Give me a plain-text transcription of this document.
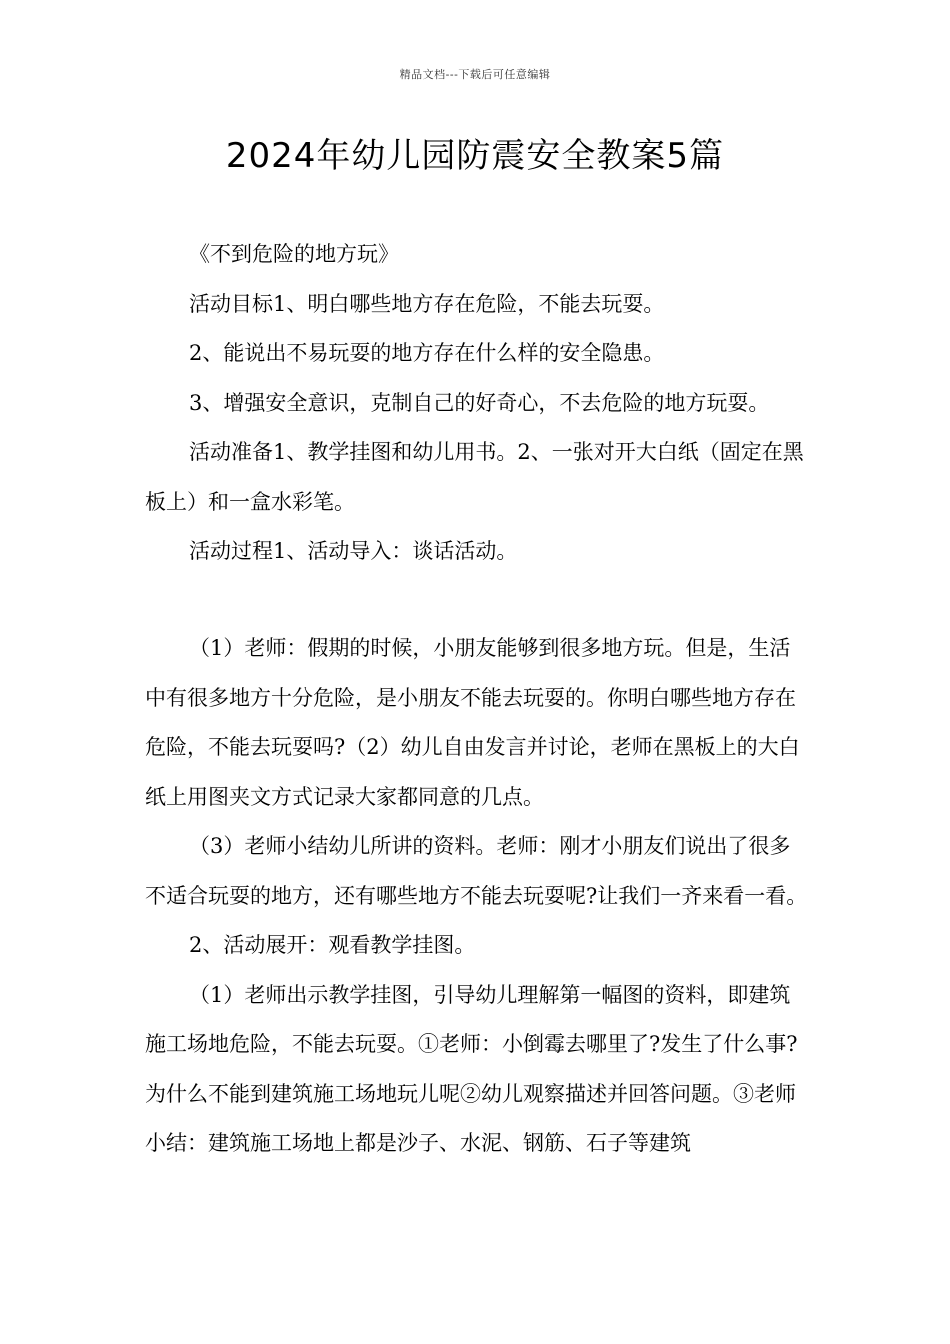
精品文档---下载后可任意编辑
2024年幼儿园防震安全教案5篇

《不到危险的地方玩》

活动目标1、明白哪些地方存在危险，不能去玩耍。

2、能说出不易玩耍的地方存在什么样的安全隐患。

3、增强安全意识，克制自己的好奇心，不去危险的地方玩耍。

活动准备1、教学挂图和幼儿用书。2、一张对开大白纸（固定在黑板上）和一盒水彩笔。

活动过程1、活动导入：谈话活动。

（1）老师：假期的时候，小朋友能够到很多地方玩。但是，生活中有很多地方十分危险，是小朋友不能去玩耍的。你明白哪些地方存在危险，不能去玩耍吗?（2）幼儿自由发言并讨论，老师在黑板上的大白纸上用图夹文方式记录大家都同意的几点。

（3）老师小结幼儿所讲的资料。老师：刚才小朋友们说出了很多不适合玩耍的地方，还有哪些地方不能去玩耍呢?让我们一齐来看一看。

2、活动展开：观看教学挂图。

（1）老师出示教学挂图，引导幼儿理解第一幅图的资料，即建筑施工场地危险，不能去玩耍。①老师：小倒霉去哪里了?发生了什么事?为什么不能到建筑施工场地玩儿呢②幼儿观察描述并回答问题。③老师小结：建筑施工场地上都是沙子、水泥、钢筋、石子等建筑
